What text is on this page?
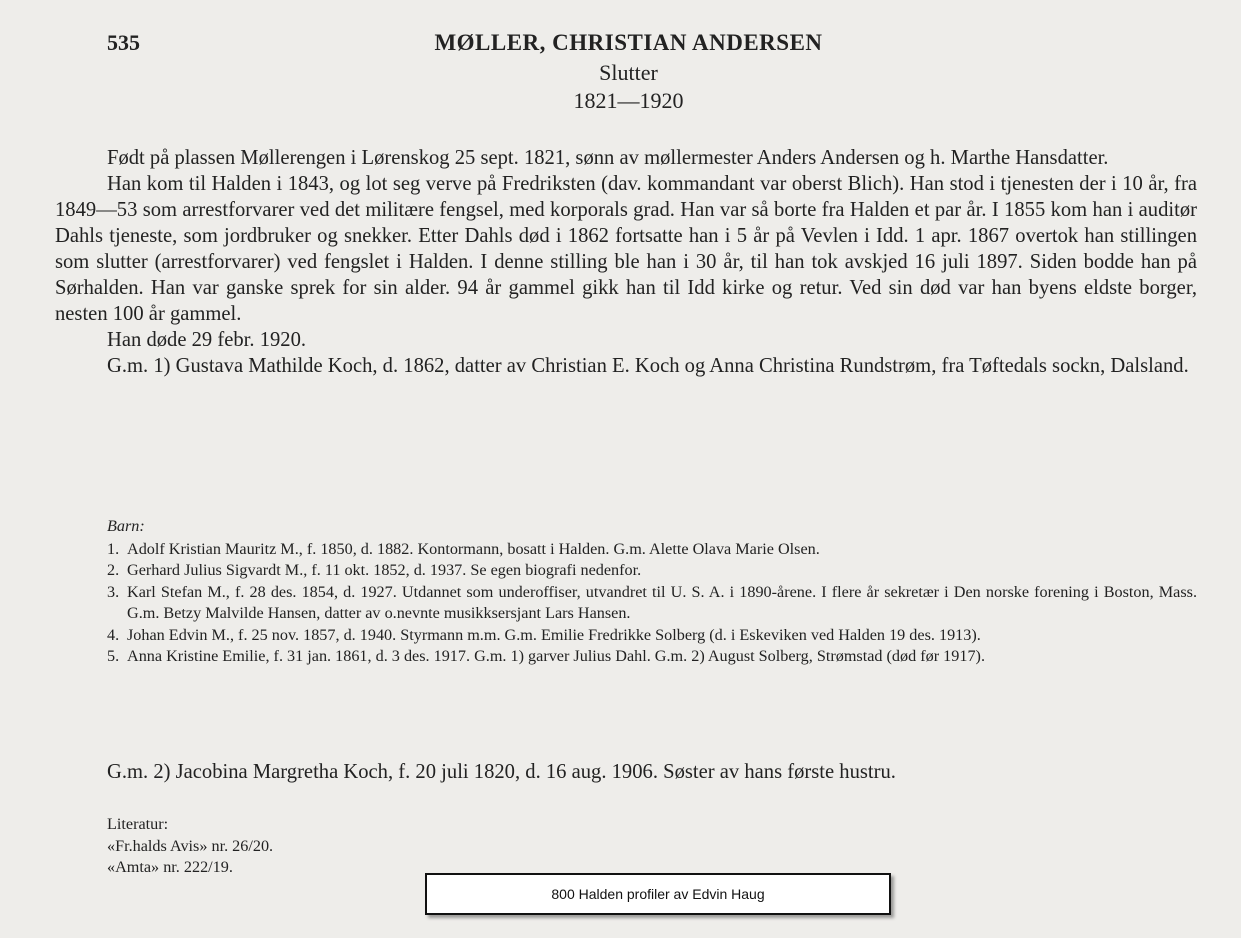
535	MØLLER, CHRISTIAN ANDERSEN
Slutter
1821—1920

Født på plassen Møllerengen i Lørenskog 25 sept. 1821, sønn av møllermester Anders Andersen og h. Marthe Hansdatter.

Han kom til Halden i 1843, og lot seg verve på Fredriksten (dav. kommandant var oberst Blich). Han stod i tjenesten der i 10 år, fra 1849—53 som arrestforvarer ved det militære fengsel, med korporals grad. Han var så borte fra Halden et par år. I 1855 kom han i auditør Dahls tjeneste, som jordbruker og snekker. Etter Dahls død i 1862 fortsatte han i 5 år på Vevlen i Idd. 1 apr. 1867 overtok han stillingen som slutter (arrestforvarer) ved fengslet i Halden. I denne stilling ble han i 30 år, til han tok avskjed 16 juli 1897. Siden bodde han på Sørhalden. Han var ganske sprek for sin alder. 94 år gammel gikk han til Idd kirke og retur. Ved sin død var han byens eldste borger, nesten 100 år gammel.

Han døde 29 febr. 1920.

G.m. 1) Gustava Mathilde Koch, d. 1862, datter av Christian E. Koch og Anna Christina Rundstrøm, fra Tøftedals sockn, Dalsland.

Barn:
1. Adolf Kristian Mauritz M., f. 1850, d. 1882. Kontormann, bosatt i Halden. G.m. Alette Olava Marie Olsen.
2. Gerhard Julius Sigvardt M., f. 11 okt. 1852, d. 1937. Se egen biografi nedenfor.
3. Karl Stefan M., f. 28 des. 1854, d. 1927. Utdannet som underoffiser, utvandret til U. S. A. i 1890-årene. I flere år sekretær i Den norske forening i Boston, Mass. G.m. Betzy Malvilde Hansen, datter av o.nevnte musikksersjant Lars Hansen.
4. Johan Edvin M., f. 25 nov. 1857, d. 1940. Styrmann m.m. G.m. Emilie Fredrikke Solberg (d. i Eskeviken ved Halden 19 des. 1913).
5. Anna Kristine Emilie, f. 31 jan. 1861, d. 3 des. 1917. G.m. 1) garver Julius Dahl. G.m. 2) August Solberg, Strømstad (død før 1917).
G.m. 2) Jacobina Margretha Koch, f. 20 juli 1820, d. 16 aug. 1906. Søster av hans første hustru.
Literatur:
«Fr.halds Avis» nr. 26/20.
«Amta» nr. 222/19.
800 Halden profiler av Edvin Haug
